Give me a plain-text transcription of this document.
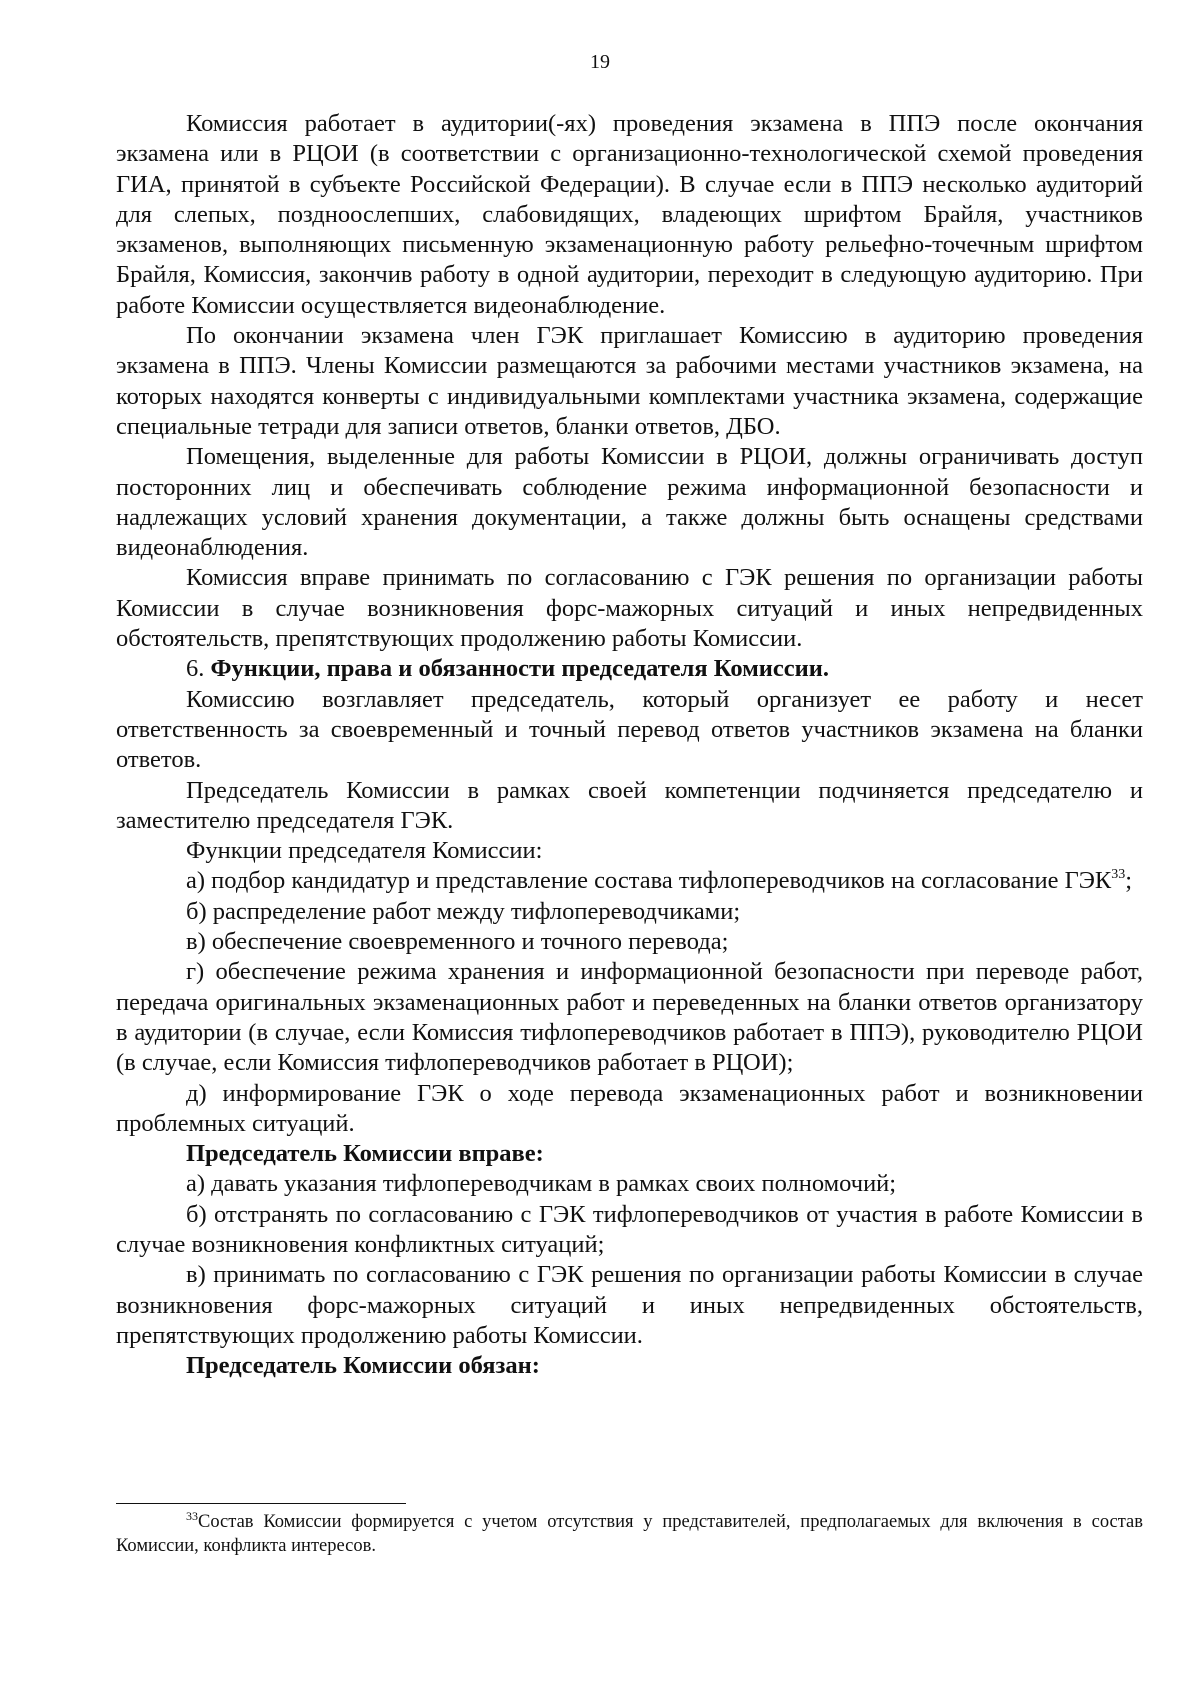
19

Комиссия работает в аудитории(-ях) проведения экзамена в ППЭ после окончания экзамена или в РЦОИ (в соответствии с организационно-технологической схемой проведения ГИА, принятой в субъекте Российской Федерации). В случае если в ППЭ несколько аудиторий для слепых, поздноослепших, слабовидящих, владеющих шрифтом Брайля, участников экзаменов, выполняющих письменную экзаменационную работу рельефно-точечным шрифтом Брайля, Комиссия, закончив работу в одной аудитории, переходит в следующую аудиторию. При работе Комиссии осуществляется видеонаблюдение.

По окончании экзамена член ГЭК приглашает Комиссию в аудиторию проведения экзамена в ППЭ. Члены Комиссии размещаются за рабочими местами участников экзамена, на которых находятся конверты с индивидуальными комплектами участника экзамена, содержащие специальные тетради для записи ответов, бланки ответов, ДБО.

Помещения, выделенные для работы Комиссии в РЦОИ, должны ограничивать доступ посторонних лиц и обеспечивать соблюдение режима информационной безопасности и надлежащих условий хранения документации, а также должны быть оснащены средствами видеонаблюдения.

Комиссия вправе принимать по согласованию с ГЭК решения по организации работы Комиссии в случае возникновения форс-мажорных ситуаций и иных непредвиденных обстоятельств, препятствующих продолжению работы Комиссии.

6. Функции, права и обязанности председателя Комиссии.

Комиссию возглавляет председатель, который организует ее работу и несет ответственность за своевременный и точный перевод ответов участников экзамена на бланки ответов.

Председатель Комиссии в рамках своей компетенции подчиняется председателю и заместителю председателя ГЭК.

Функции председателя Комиссии:

а) подбор кандидатур и представление состава тифлопереводчиков на согласование ГЭК$^{33}$;

б) распределение работ между тифлопереводчиками;

в) обеспечение своевременного и точного перевода;

г) обеспечение режима хранения и информационной безопасности при переводе работ, передача оригинальных экзаменационных работ и переведенных на бланки ответов организатору в аудитории (в случае, если Комиссия тифлопереводчиков работает в ППЭ), руководителю РЦОИ (в случае, если Комиссия тифлопереводчиков работает в РЦОИ);

д) информирование ГЭК о ходе перевода экзаменационных работ и возникновении проблемных ситуаций.

Председатель Комиссии вправе:

а) давать указания тифлопереводчикам в рамках своих полномочий;

б) отстранять по согласованию с ГЭК тифлопереводчиков от участия в работе Комиссии в случае возникновения конфликтных ситуаций;

в) принимать по согласованию с ГЭК решения по организации работы Комиссии в случае возникновения форс-мажорных ситуаций и иных непредвиденных обстоятельств, препятствующих продолжению работы Комиссии.

Председатель Комиссии обязан:

$^{33}$Состав Комиссии формируется с учетом отсутствия у представителей, предполагаемых для включения в состав Комиссии, конфликта интересов.
